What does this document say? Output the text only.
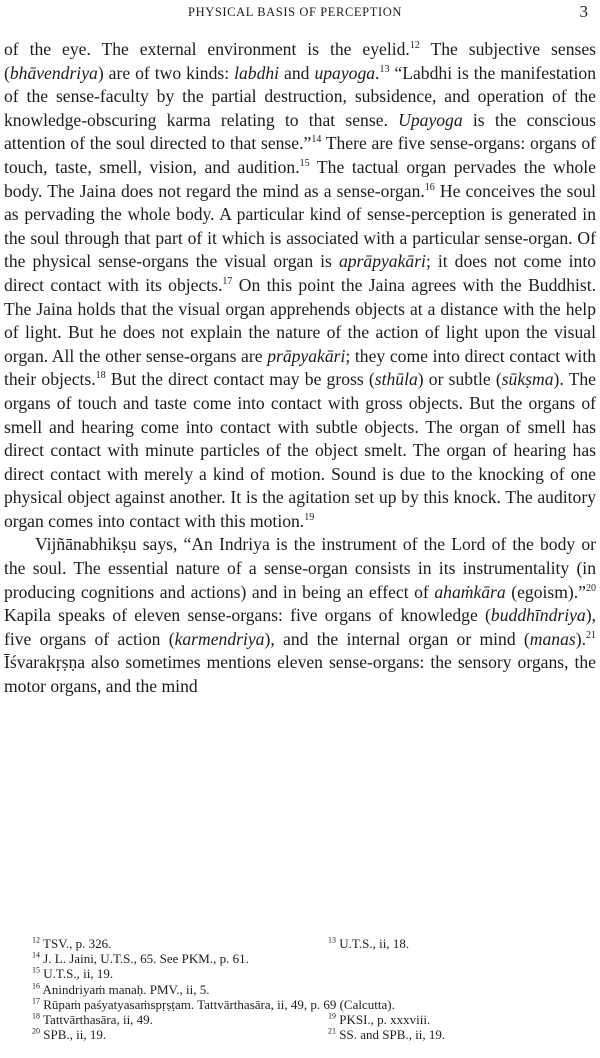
PHYSICAL BASIS OF PERCEPTION	3

of the eye. The external environment is the eyelid.$^{12}$ The subjective senses (bhāvendriya) are of two kinds: labdhi and upayoga.$^{13}$ “Labdhi is the manifestation of the sense-faculty by the partial destruction, subsidence, and operation of the knowledge-obscuring karma relating to that sense. Upayoga is the conscious attention of the soul directed to that sense.”$^{14}$ There are five sense-organs: organs of touch, taste, smell, vision, and audition.$^{15}$ The tactual organ pervades the whole body. The Jaina does not regard the mind as a sense-organ.$^{16}$ He conceives the soul as pervading the whole body. A particular kind of sense-perception is generated in the soul through that part of it which is associated with a particular sense-organ. Of the physical sense-organs the visual organ is aprāpyakāri; it does not come into direct contact with its objects.$^{17}$ On this point the Jaina agrees with the Buddhist. The Jaina holds that the visual organ apprehends objects at a distance with the help of light. But he does not explain the nature of the action of light upon the visual organ. All the other sense-organs are prāpyakāri; they come into direct contact with their objects.$^{18}$ But the direct contact may be gross (sthūla) or subtle (sūkṣma). The organs of touch and taste come into contact with gross objects. But the organs of smell and hearing come into contact with subtle objects. The organ of smell has direct contact with minute particles of the object smelt. The organ of hearing has direct contact with merely a kind of motion. Sound is due to the knocking of one physical object against another. It is the agitation set up by this knock. The auditory organ comes into contact with this motion.$^{19}$

Vijñānabhikṣu says, “An Indriya is the instrument of the Lord of the body or the soul. The essential nature of a sense-organ consists in its instrumentality (in producing cognitions and actions) and in being an effect of ahaṁkāra (egoism).”$^{20}$ Kapila speaks of eleven sense-organs: five organs of knowledge (buddhīndriya), five organs of action (karmendriya), and the internal organ or mind (manas).$^{21}$ Īśvarakṛṣṇa also sometimes mentions eleven sense-organs: the sensory organs, the motor organs, and the mind

$^{12}$ TSV., p. 326.	$^{13}$ U.T.S., ii, 18.
$^{14}$ J. L. Jaini, U.T.S., 65. See PKM., p. 61.
$^{15}$ U.T.S., ii, 19.
$^{16}$ Anindriyaṁ manaḥ. PMV., ii, 5.
$^{17}$ Rūpaṁ paśyatyasaṁspṛṣṭam. Tattvārthasāra, ii, 49, p. 69 (Calcutta).
$^{18}$ Tattvārthasāra, ii, 49.	$^{19}$ PKSI., p. xxxviii.
$^{20}$ SPB., ii, 19.	$^{21}$ SS. and SPB., ii, 19.
